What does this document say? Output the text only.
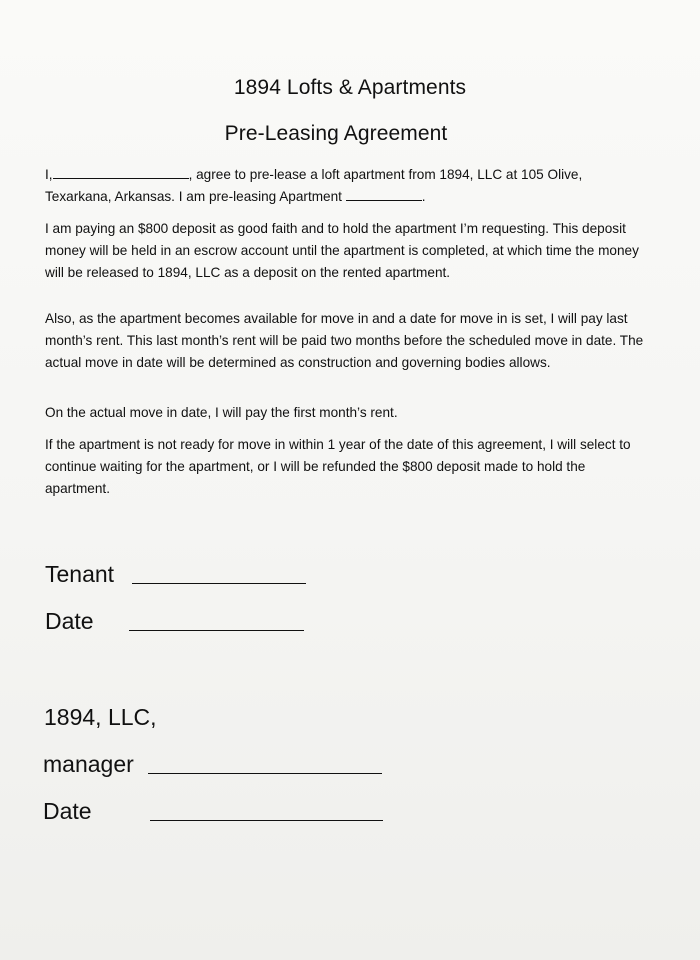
1894 Lofts & Apartments
Pre-Leasing Agreement

I,	, agree to pre-lease a loft apartment from 1894, LLC at 105 Olive,
Texarkana, Arkansas. I am pre-leasing Apartment	.

I am paying an $800 deposit as good faith and to hold the apartment I’m requesting. This deposit money will be held in an escrow account until the apartment is completed, at which time the money will be released to 1894, LLC as a deposit on the rented apartment.

Also, as the apartment becomes available for move in and a date for move in is set, I will pay last month’s rent. This last month’s rent will be paid two months before the scheduled move in date. The actual move in date will be determined as construction and governing bodies allows.

On the actual move in date, I will pay the first month’s rent.

If the apartment is not ready for move in within 1 year of the date of this agreement, I will select to continue waiting for the apartment, or I will be refunded the $800 deposit made to hold the apartment.

Tenant
Date
1894, LLC,
manager
Date
